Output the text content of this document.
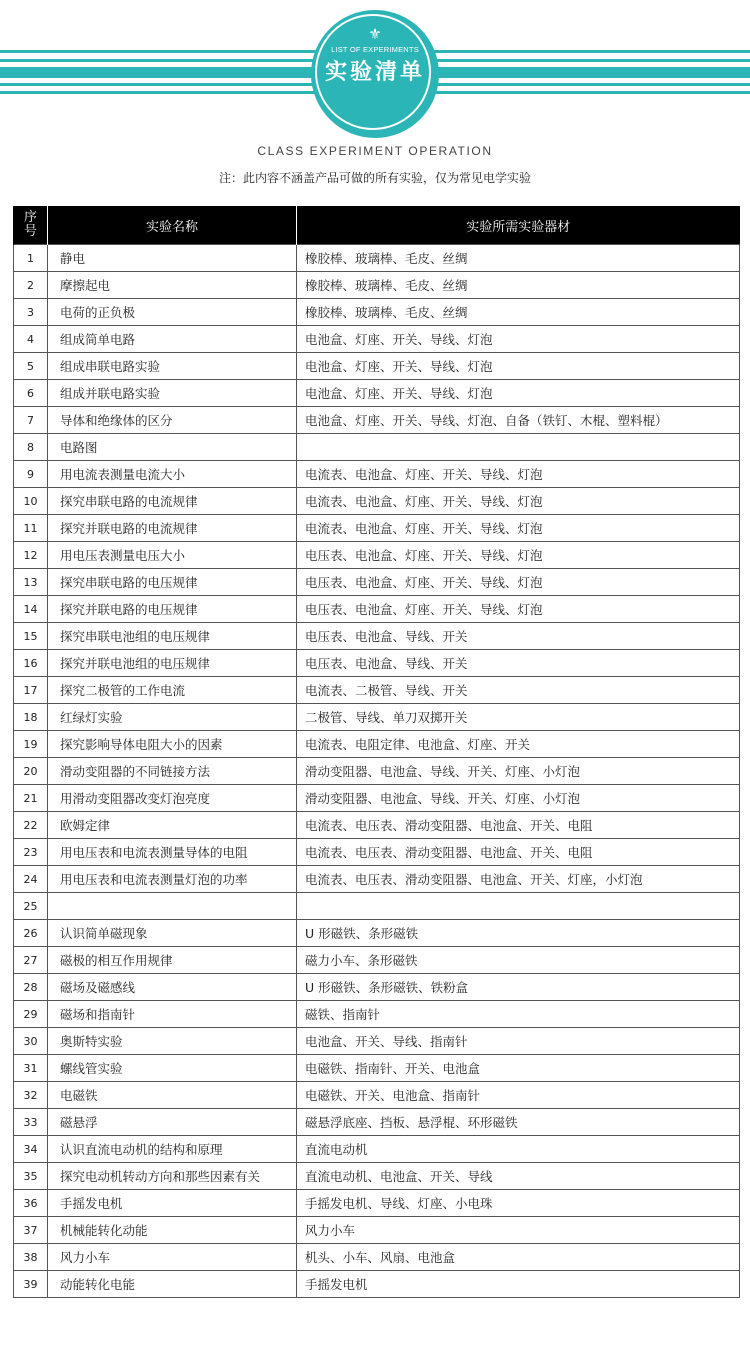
⚜
LIST OF EXPERIMENTS
实验清单
CLASS EXPERIMENT OPERATION
注：此内容不涵盖产品可做的所有实验，仅为常见电学实验
序号	实验名称	实验所需实验器材
1	静电	橡胶棒、玻璃棒、毛皮、丝绸
2	摩擦起电	橡胶棒、玻璃棒、毛皮、丝绸
3	电荷的正负极	橡胶棒、玻璃棒、毛皮、丝绸
4	组成简单电路	电池盒、灯座、开关、导线、灯泡
5	组成串联电路实验	电池盒、灯座、开关、导线、灯泡
6	组成并联电路实验	电池盒、灯座、开关、导线、灯泡
7	导体和绝缘体的区分	电池盒、灯座、开关、导线、灯泡、自备（铁钉、木棍、塑料棍）
8	电路图	
9	用电流表测量电流大小	电流表、电池盒、灯座、开关、导线、灯泡
10	探究串联电路的电流规律	电流表、电池盒、灯座、开关、导线、灯泡
11	探究并联电路的电流规律	电流表、电池盒、灯座、开关、导线、灯泡
12	用电压表测量电压大小	电压表、电池盒、灯座、开关、导线、灯泡
13	探究串联电路的电压规律	电压表、电池盒、灯座、开关、导线、灯泡
14	探究并联电路的电压规律	电压表、电池盒、灯座、开关、导线、灯泡
15	探究串联电池组的电压规律	电压表、电池盒、导线、开关
16	探究并联电池组的电压规律	电压表、电池盒、导线、开关
17	探究二极管的工作电流	电流表、二极管、导线、开关
18	红绿灯实验	二极管、导线、单刀双掷开关
19	探究影响导体电阻大小的因素	电流表、电阻定律、电池盒、灯座、开关
20	滑动变阻器的不同链接方法	滑动变阻器、电池盒、导线、开关、灯座、小灯泡
21	用滑动变阻器改变灯泡亮度	滑动变阻器、电池盒、导线、开关、灯座、小灯泡
22	欧姆定律	电流表、电压表、滑动变阻器、电池盒、开关、电阻
23	用电压表和电流表测量导体的电阻	电流表、电压表、滑动变阻器、电池盒、开关、电阻
24	用电压表和电流表测量灯泡的功率	电流表、电压表、滑动变阻器、电池盒、开关、灯座，小灯泡
25		
26	认识简单磁现象	U 形磁铁、条形磁铁
27	磁极的相互作用规律	磁力小车、条形磁铁
28	磁场及磁感线	U 形磁铁、条形磁铁、铁粉盒
29	磁场和指南针	磁铁、指南针
30	奥斯特实验	电池盒、开关、导线、指南针
31	螺线管实验	电磁铁、指南针、开关、电池盒
32	电磁铁	电磁铁、开关、电池盒、指南针
33	磁悬浮	磁悬浮底座、挡板、悬浮棍、环形磁铁
34	认识直流电动机的结构和原理	直流电动机
35	探究电动机转动方向和那些因素有关	直流电动机、电池盒、开关、导线
36	手摇发电机	手摇发电机、导线、灯座、小电珠
37	机械能转化动能	风力小车
38	风力小车	机头、小车、风扇、电池盒
39	动能转化电能	手摇发电机
